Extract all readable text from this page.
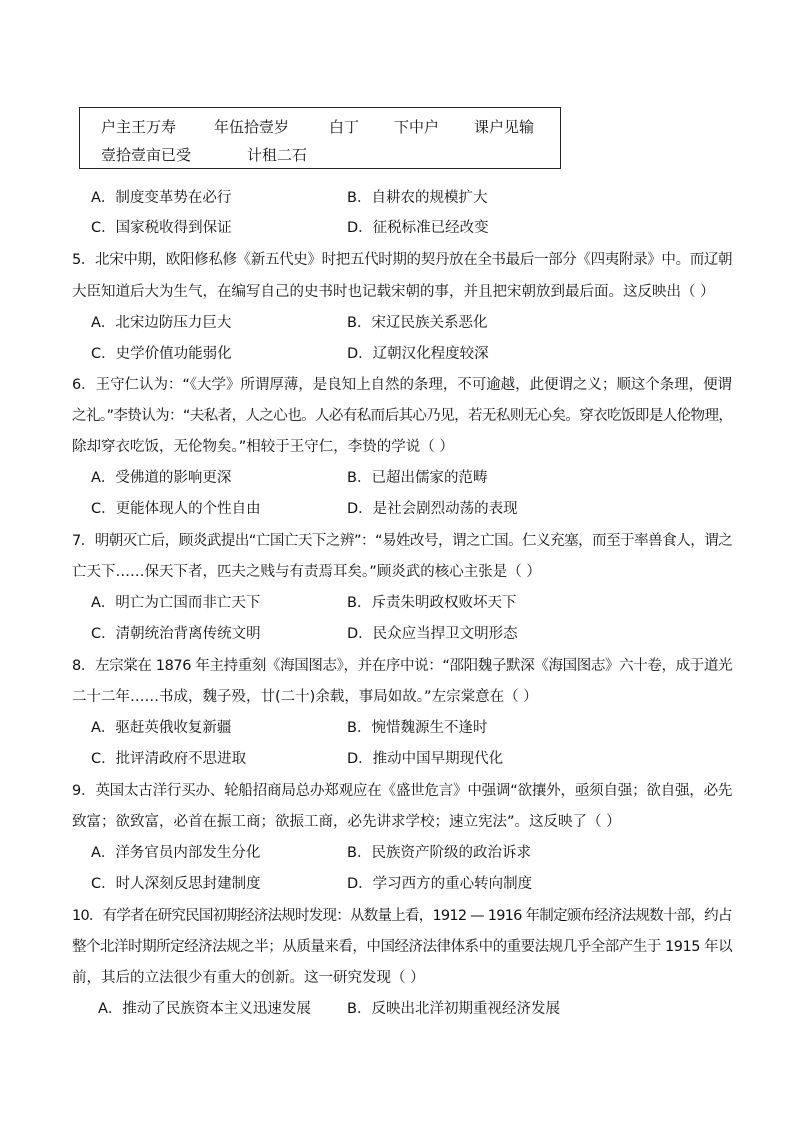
户主王万寿	年伍拾壹岁	白丁 下中户 课户见输
壹拾壹亩已受	计租二石
A．制度变革势在必行	B．自耕农的规模扩大
C．国家税收得到保证	D．征税标准已经改变
5．北宋中期，欧阳修私修《新五代史》时把五代时期的契丹放在全书最后一部分《四夷附录》中。而辽朝
大臣知道后大为生气，在编写自己的史书时也记载宋朝的事，并且把宋朝放到最后面。这反映出（ ）
A．北宋边防压力巨大	B．宋辽民族关系恶化
C．史学价值功能弱化	D．辽朝汉化程度较深
6．王守仁认为：“《大学》所谓厚薄，是良知上自然的条理，不可逾越，此便谓之义；顺这个条理，便谓
之礼。”李贽认为：“夫私者，人之心也。人必有私而后其心乃见，若无私则无心矣。穿衣吃饭即是人伦物理，
除却穿衣吃饭，无伦物矣。”相较于王守仁，李贽的学说（ ）
A．受佛道的影响更深	B．已超出儒家的范畴
C．更能体现人的个性自由	D．是社会剧烈动荡的表现
7．明朝灭亡后，顾炎武提出“亡国亡天下之辨”：“易姓改号，谓之亡国。仁义充塞，而至于率兽食人，谓之
亡天下……保天下者，匹夫之贱与有责焉耳矣。”顾炎武的核心主张是（ ）
A．明亡为亡国而非亡天下	B．斥责朱明政权败坏天下
C．清朝统治背离传统文明	D．民众应当捍卫文明形态
8．左宗棠在 1876 年主持重刻《海国图志》，并在序中说：“邵阳魏子默深《海国图志》六十卷，成于道光
二十二年……书成，魏子殁，廿(二十)余载，事局如故。”左宗棠意在（ ）
A．驱赶英俄收复新疆	B．惋惜魏源生不逢时
C．批评清政府不思进取	D．推动中国早期现代化
9．英国太古洋行买办、轮船招商局总办郑观应在《盛世危言》中强调“欲攘外，亟须自强；欲自强，必先
致富；欲致富，必首在振工商；欲振工商，必先讲求学校；速立宪法”。这反映了（ ）
A．洋务官员内部发生分化	B．民族资产阶级的政治诉求
C．时人深刻反思封建制度	D．学习西方的重心转向制度
10．有学者在研究民国初期经济法规时发现：从数量上看，1912 — 1916 年制定颁布经济法规数十部，约占
整个北洋时期所定经济法规之半；从质量来看，中国经济法律体系中的重要法规几乎全部产生于 1915 年以
前，其后的立法很少有重大的创新。这一研究发现（ ）
A．推动了民族资本主义迅速发展 B．反映出北洋初期重视经济发展
